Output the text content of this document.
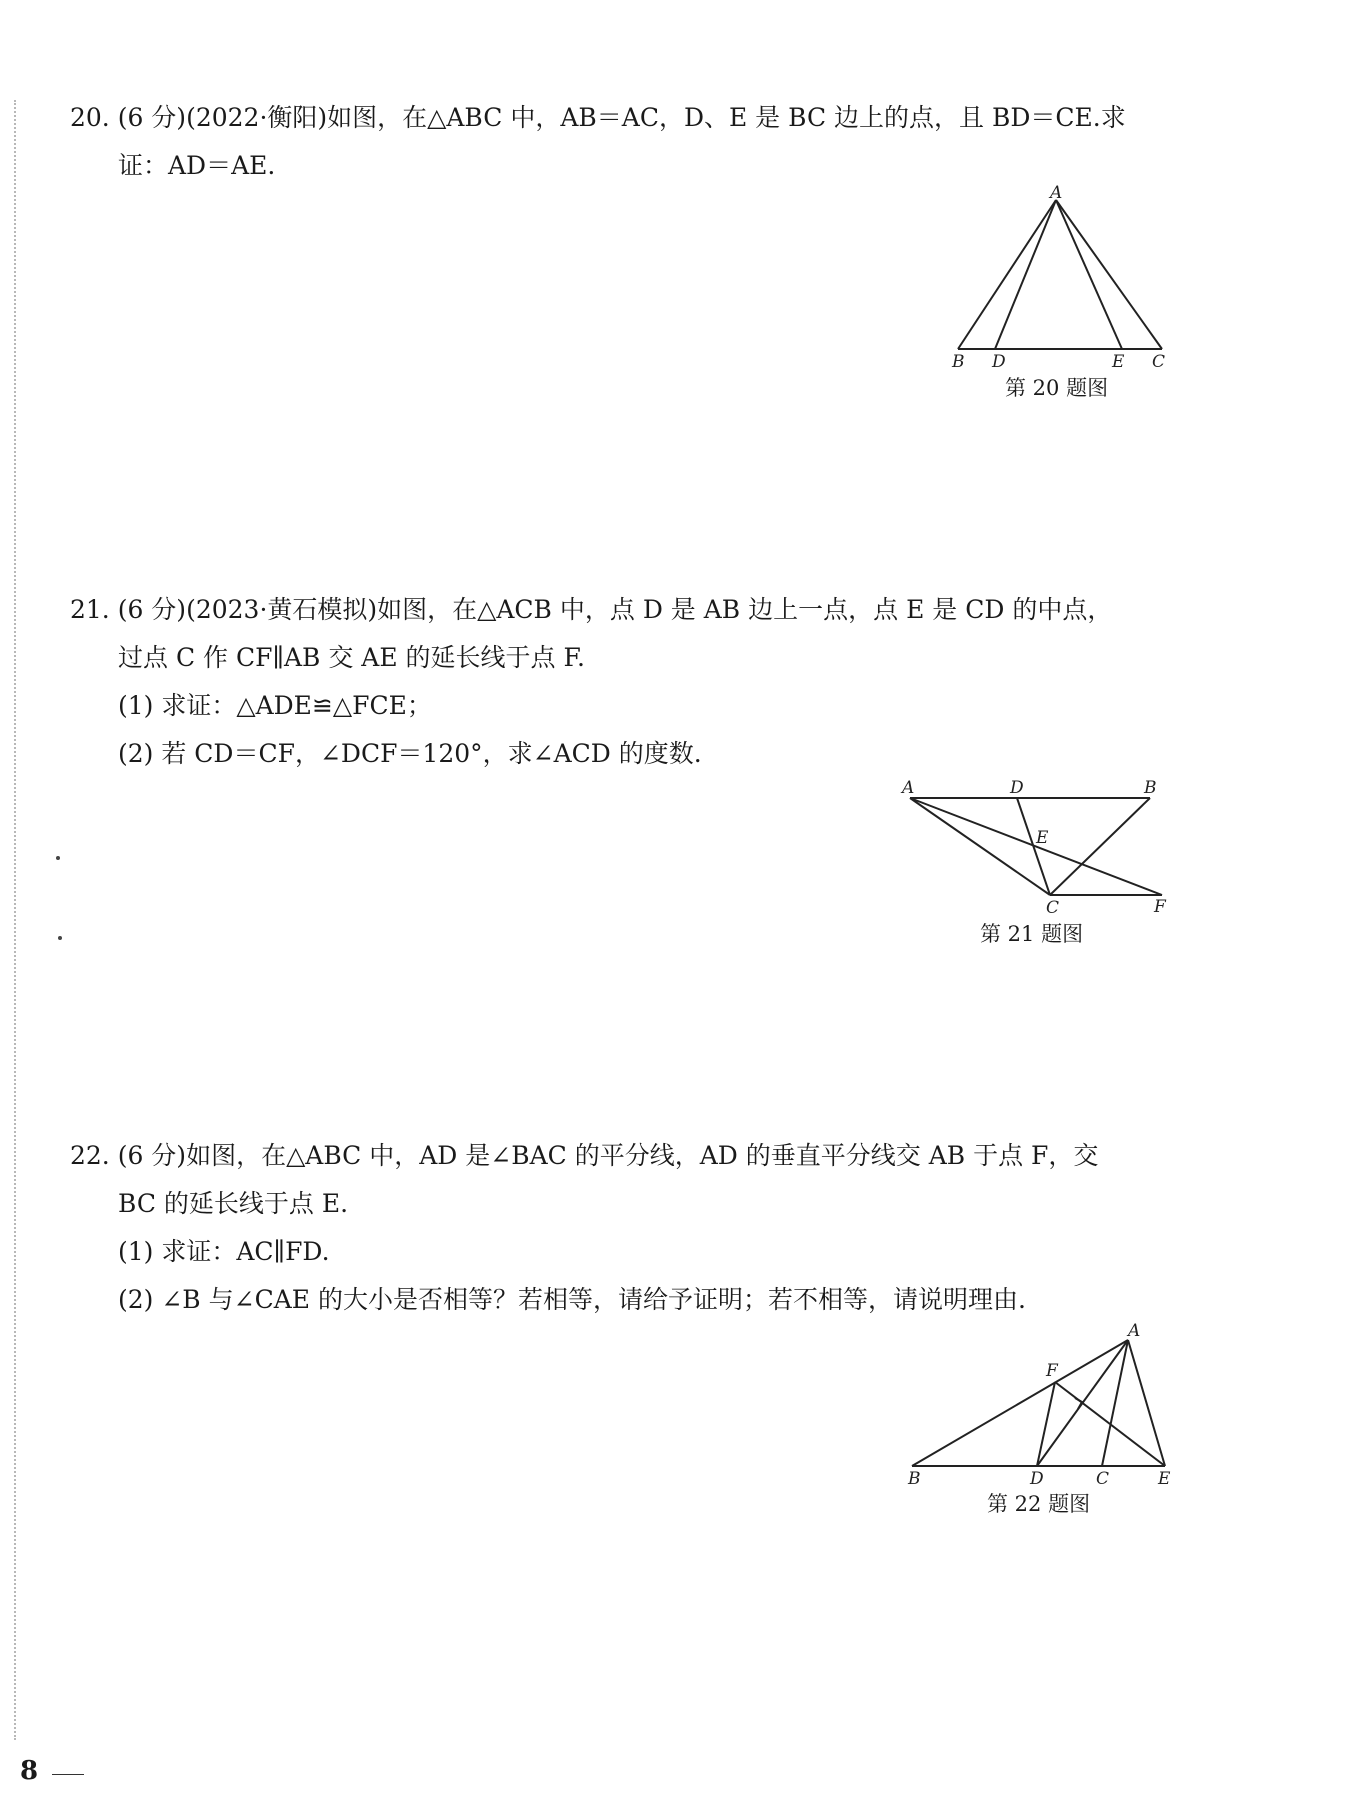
20. (6 分)(2022·衡阳)如图，在△ABC 中，AB＝AC，D、E 是 BC 边上的点，且 BD＝CE.求
证：AD＝AE.
A
B D	E C
第 20 题图
21. (6 分)(2023·黄石模拟)如图，在△ACB 中，点 D 是 AB 边上一点，点 E 是 CD 的中点，
过点 C 作 CF∥AB 交 AE 的延长线于点 F.
(1) 求证：△ADE≌△FCE；
(2) 若 CD＝CF，∠DCF＝120°，求∠ACD 的度数.
A	D	B
E
C	F
第 21 题图
22. (6 分)如图，在△ABC 中，AD 是∠BAC 的平分线，AD 的垂直平分线交 AB 于点 F，交
BC 的延长线于点 E.
(1) 求证：AC∥FD.
(2) ∠B 与∠CAE 的大小是否相等？若相等，请给予证明；若不相等，请说明理由.
A
F
B	D	C	E
第 22 题图
8
